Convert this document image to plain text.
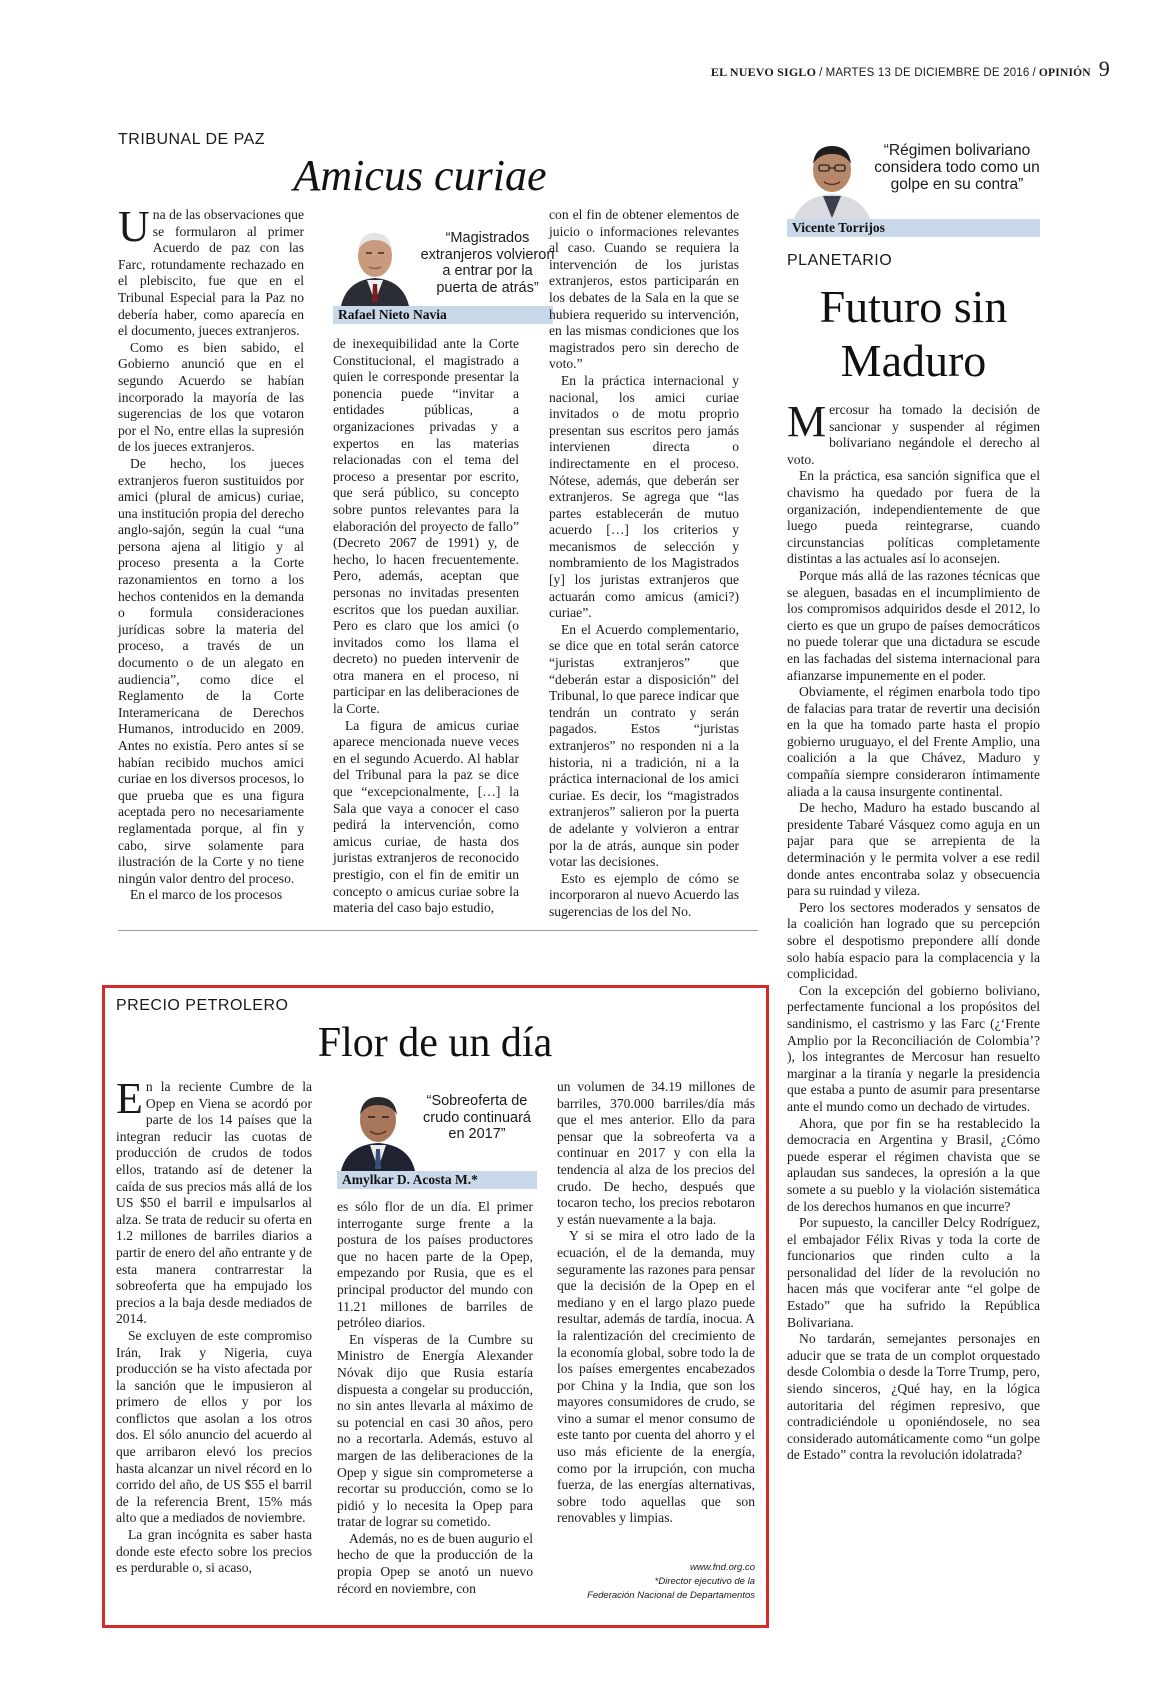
EL NUEVO SIGLO / MARTES 13 DE DICIEMBRE DE 2016 / OPINIÓN 9
TRIBUNAL DE PAZ
Amicus curiae

Una de las observaciones que se formularon al primer Acuerdo de paz con las Farc, rotundamente rechazado en el plebiscito, fue que en el Tribunal Especial para la Paz no debería haber, como aparecía en el documento, jueces extranjeros.

Como es bien sabido, el Gobierno anunció que en el segundo Acuerdo se habían incorporado la mayoría de las sugerencias de los que votaron por el No, entre ellas la supresión de los jueces extranjeros.

De hecho, los jueces extranjeros fueron sustituidos por amici (plural de amicus) curiae, una institución propia del derecho anglo-sajón, según la cual “una persona ajena al litigio y al proceso presenta a la Corte razonamientos en torno a los hechos contenidos en la demanda o formula consideraciones jurídicas sobre la materia del proceso, a través de un documento o de un alegato en audiencia”, como dice el Reglamento de la Corte Interamericana de Derechos Humanos, introducido en 2009. Antes no existía. Pero antes sí se habían recibido muchos amici curiae en los diversos procesos, lo que prueba que es una figura aceptada pero no necesariamente reglamentada porque, al fin y cabo, sirve solamente para ilustración de la Corte y no tiene ningún valor dentro del proceso.

En el marco de los procesos

“Magistrados extranjeros volvieron a entrar por la puerta de atrás”
Rafael Nieto Navia

de inexequibilidad ante la Corte Constitucional, el magistrado a quien le corresponde presentar la ponencia puede “invitar a entidades públicas, a organizaciones privadas y a expertos en las materias relacionadas con el tema del proceso a presentar por escrito, que será público, su concepto sobre puntos relevantes para la elaboración del proyecto de fallo” (Decreto 2067 de 1991) y, de hecho, lo hacen frecuentemente. Pero, además, aceptan que personas no invitadas presenten escritos que los puedan auxiliar. Pero es claro que los amici (o invitados como los llama el decreto) no pueden intervenir de otra manera en el proceso, ni participar en las deliberaciones de la Corte.

La figura de amicus curiae aparece mencionada nueve veces en el segundo Acuerdo. Al hablar del Tribunal para la paz se dice que “excepcionalmente, […] la Sala que vaya a conocer el caso pedirá la intervención, como amicus curiae, de hasta dos juristas extranjeros de reconocido prestigio, con el fin de emitir un concepto o amicus curiae sobre la materia del caso bajo estudio,

con el fin de obtener elementos de juicio o informaciones relevantes al caso. Cuando se requiera la intervención de los juristas extranjeros, estos participarán en los debates de la Sala en la que se hubiera requerido su intervención, en las mismas condiciones que los magistrados pero sin derecho de voto.”

En la práctica internacional y nacional, los amici curiae invitados o de motu proprio presentan sus escritos pero jamás intervienen directa o indirectamente en el proceso. Nótese, además, que deberán ser extranjeros. Se agrega que “las partes establecerán de mutuo acuerdo […] los criterios y mecanismos de selección y nombramiento de los Magistrados [y] los juristas extranjeros que actuarán como amicus (amici?) curiae”.

En el Acuerdo complementario, se dice que en total serán catorce “juristas extranjeros” que “deberán estar a disposición” del Tribunal, lo que parece indicar que tendrán un contrato y serán pagados. Estos “juristas extranjeros” no responden ni a la historia, ni a tradición, ni a la práctica internacional de los amici curiae. Es decir, los “magistrados extranjeros” salieron por la puerta de adelante y volvieron a entrar por la de atrás, aunque sin poder votar las decisiones.

Esto es ejemplo de cómo se incorporaron al nuevo Acuerdo las sugerencias de los del No.

PRECIO PETROLERO
Flor de un día

En la reciente Cumbre de la Opep en Viena se acordó por parte de los 14 países que la integran reducir las cuotas de producción de crudos de todos ellos, tratando así de detener la caída de sus precios más allá de los US $50 el barril e impulsarlos al alza. Se trata de reducir su oferta en 1.2 millones de barriles diarios a partir de enero del año entrante y de esta manera contrarrestar la sobreoferta que ha empujado los precios a la baja desde mediados de 2014.

Se excluyen de este compromiso Irán, Irak y Nigeria, cuya producción se ha visto afectada por la sanción que le impusieron al primero de ellos y por los conflictos que asolan a los otros dos. El sólo anuncio del acuerdo al que arribaron elevó los precios hasta alcanzar un nivel récord en lo corrido del año, de US $55 el barril de la referencia Brent, 15% más alto que a mediados de noviembre.

La gran incógnita es saber hasta donde este efecto sobre los precios es perdurable o, si acaso,

“Sobreoferta de crudo continuará en 2017”
Amylkar D. Acosta M.*

es sólo flor de un día. El primer interrogante surge frente a la postura de los países productores que no hacen parte de la Opep, empezando por Rusia, que es el principal productor del mundo con 11.21 millones de barriles de petróleo diarios.

En vísperas de la Cumbre su Ministro de Energía Alexander Nóvak dijo que Rusia estaría dispuesta a congelar su producción, no sin antes llevarla al máximo de su potencial en casi 30 años, pero no a recortarla. Además, estuvo al margen de las deliberaciones de la Opep y sigue sin comprometerse a recortar su producción, como se lo pidió y lo necesita la Opep para tratar de lograr su cometido.

Además, no es de buen augurio el hecho de que la producción de la propia Opep se anotó un nuevo récord en noviembre, con

un volumen de 34.19 millones de barriles, 370.000 barriles/día más que el mes anterior. Ello da para pensar que la sobreoferta va a continuar en 2017 y con ella la tendencia al alza de los precios del crudo. De hecho, después que tocaron techo, los precios rebotaron y están nuevamente a la baja.

Y si se mira el otro lado de la ecuación, el de la demanda, muy seguramente las razones para pensar que la decisión de la Opep en el mediano y en el largo plazo puede resultar, además de tardía, inocua. A la ralentización del crecimiento de la economía global, sobre todo la de los países emergentes encabezados por China y la India, que son los mayores consumidores de crudo, se vino a sumar el menor consumo de este tanto por cuenta del ahorro y el uso más eficiente de la energía, como por la irrupción, con mucha fuerza, de las energías alternativas, sobre todo aquellas que son renovables y limpias.

www.fnd.org.co
*Director ejecutivo de la
Federación Nacional de Departamentos
“Régimen bolivariano considera todo como un golpe en su contra”
Vicente Torrijos
PLANETARIO
Futuro sin
Maduro

Mercosur ha tomado la decisión de sancionar y suspender al régimen bolivariano negándole el derecho al voto.

En la práctica, esa sanción significa que el chavismo ha quedado por fuera de la organización, independientemente de que luego pueda reintegrarse, cuando circunstancias políticas completamente distintas a las actuales así lo aconsejen.

Porque más allá de las razones técnicas que se aleguen, basadas en el incumplimiento de los compromisos adquiridos desde el 2012, lo cierto es que un grupo de países democráticos no puede tolerar que una dictadura se escude en las fachadas del sistema internacional para afianzarse impunemente en el poder.

Obviamente, el régimen enarbola todo tipo de falacias para tratar de revertir una decisión en la que ha tomado parte hasta el propio gobierno uruguayo, el del Frente Amplio, una coalición a la que Chávez, Maduro y compañía siempre consideraron íntimamente aliada a la causa insurgente continental.

De hecho, Maduro ha estado buscando al presidente Tabaré Vásquez como aguja en un pajar para que se arrepienta de la determinación y le permita volver a ese redil donde antes encontraba solaz y obsecuencia para su ruindad y vileza.

Pero los sectores moderados y sensatos de la coalición han logrado que su percepción sobre el despotismo prepondere allí donde solo había espacio para la complacencia y la complicidad.

Con la excepción del gobierno boliviano, perfectamente funcional a los propósitos del sandinismo, el castrismo y las Farc (¿‘Frente Amplio por la Reconciliación de Colombia’? ), los integrantes de Mercosur han resuelto marginar a la tiranía y negarle la presidencia que estaba a punto de asumir para presentarse ante el mundo como un dechado de virtudes.

Ahora, que por fin se ha restablecido la democracia en Argentina y Brasil, ¿Cómo puede esperar el régimen chavista que se aplaudan sus sandeces, la opresión a la que somete a su pueblo y la violación sistemática de los derechos humanos en que incurre?

Por supuesto, la canciller Delcy Rodríguez, el embajador Félix Rivas y toda la corte de funcionarios que rinden culto a la personalidad del líder de la revolución no hacen más que vociferar ante “el golpe de Estado” que ha sufrido la República Bolivariana.

No tardarán, semejantes personajes en aducir que se trata de un complot orquestado desde Colombia o desde la Torre Trump, pero, siendo sinceros, ¿Qué hay, en la lógica autoritaria del régimen represivo, que contradiciéndole u oponiéndosele, no sea considerado automáticamente como “un golpe de Estado” contra la revolución idolatrada?
